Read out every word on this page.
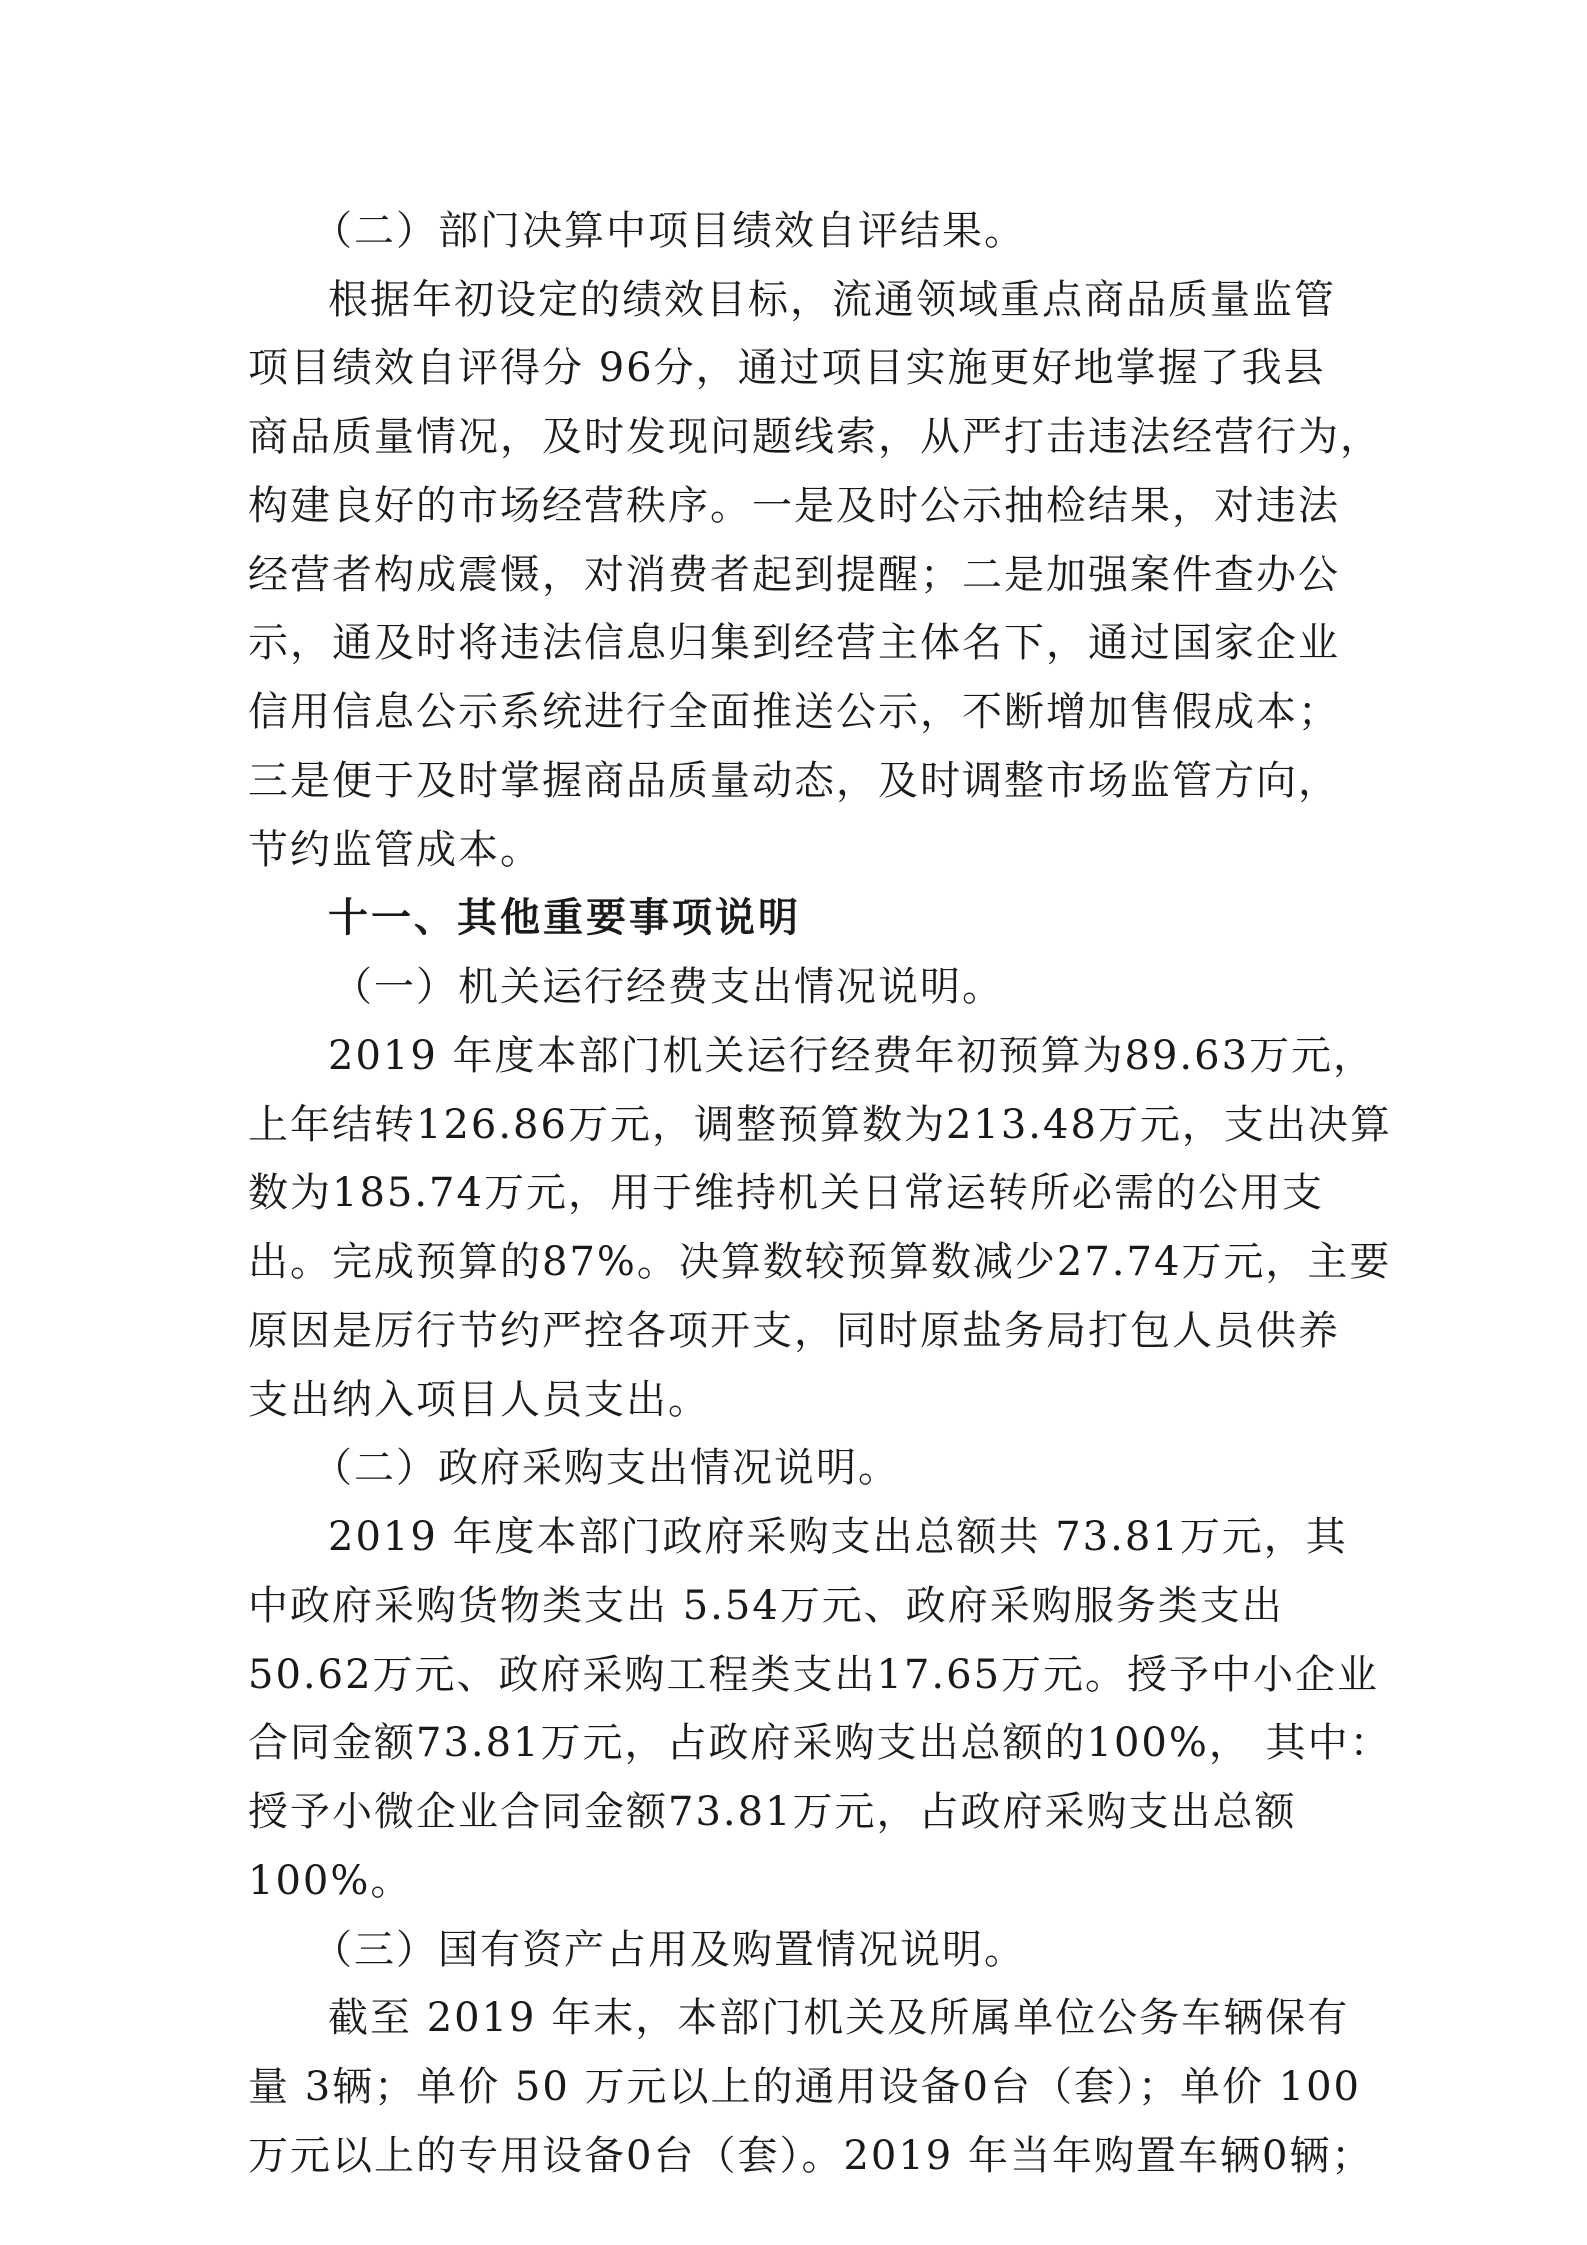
（二）部门决算中项目绩效自评结果。

根据年初设定的绩效目标，流通领域重点商品质量监管

项目绩效自评得分 96分，通过项目实施更好地掌握了我县

商品质量情况，及时发现问题线索，从严打击违法经营行为，

构建良好的市场经营秩序。一是及时公示抽检结果，对违法

经营者构成震慑，对消费者起到提醒；二是加强案件查办公

示，通及时将违法信息归集到经营主体名下，通过国家企业

信用信息公示系统进行全面推送公示，不断增加售假成本；

三是便于及时掌握商品质量动态，及时调整市场监管方向，

节约监管成本。

十一、其他重要事项说明

（一）机关运行经费支出情况说明。

2019 年度本部门机关运行经费年初预算为89.63万元，

上年结转126.86万元，调整预算数为213.48万元，支出决算

数为185.74万元，用于维持机关日常运转所必需的公用支

出。完成预算的87%。决算数较预算数减少27.74万元，主要

原因是厉行节约严控各项开支，同时原盐务局打包人员供养

支出纳入项目人员支出。

（二）政府采购支出情况说明。

2019 年度本部门政府采购支出总额共 73.81万元，其

中政府采购货物类支出 5.54万元、政府采购服务类支出

50.62万元、政府采购工程类支出17.65万元。授予中小企业

合同金额73.81万元，占政府采购支出总额的100%， 其中：

授予小微企业合同金额73.81万元，占政府采购支出总额

100%。

（三）国有资产占用及购置情况说明。

截至 2019 年末，本部门机关及所属单位公务车辆保有

量 3辆；单价 50 万元以上的通用设备0台（套）；单价 100

万元以上的专用设备0台（套）。2019 年当年购置车辆0辆；
